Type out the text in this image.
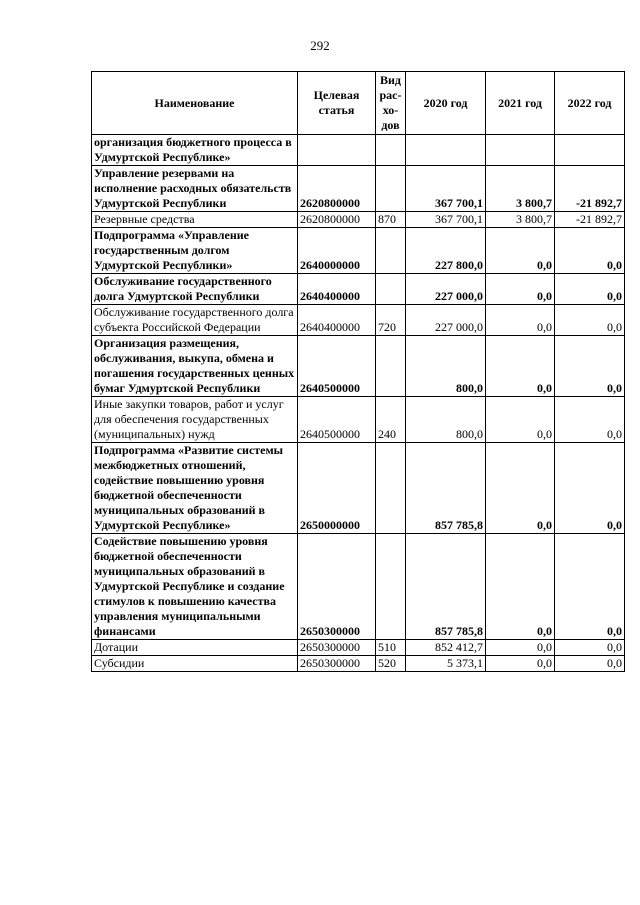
292
Наименование	Целевая статья	Вид рас-хо-дов	2020 год	2021 год	2022 год
организация бюджетного процесса в Удмуртской Республике»					
Управление резервами на исполнение расходных обязательств Удмуртской Республики	2620800000		367 700,1	3 800,7	-21 892,7
Резервные средства	2620800000	870	367 700,1	3 800,7	-21 892,7
Подпрограмма «Управление государственным долгом Удмуртской Республики»	2640000000		227 800,0	0,0	0,0
Обслуживание государственного долга Удмуртской Республики	2640400000		227 000,0	0,0	0,0
Обслуживание государственного долга субъекта Российской Федерации	2640400000	720	227 000,0	0,0	0,0
Организация размещения, обслуживания, выкупа, обмена и погашения государственных ценных бумаг Удмуртской Республики	2640500000		800,0	0,0	0,0
Иные закупки товаров, работ и услуг для обеспечения государственных (муниципальных) нужд	2640500000	240	800,0	0,0	0,0
Подпрограмма «Развитие системы межбюджетных отношений, содействие повышению уровня бюджетной обеспеченности муниципальных образований в Удмуртской Республике»	2650000000		857 785,8	0,0	0,0
Содействие повышению уровня бюджетной обеспеченности муниципальных образований в Удмуртской Республике и создание стимулов к повышению качества управления муниципальными финансами	2650300000		857 785,8	0,0	0,0
Дотации	2650300000	510	852 412,7	0,0	0,0
Субсидии	2650300000	520	5 373,1	0,0	0,0
